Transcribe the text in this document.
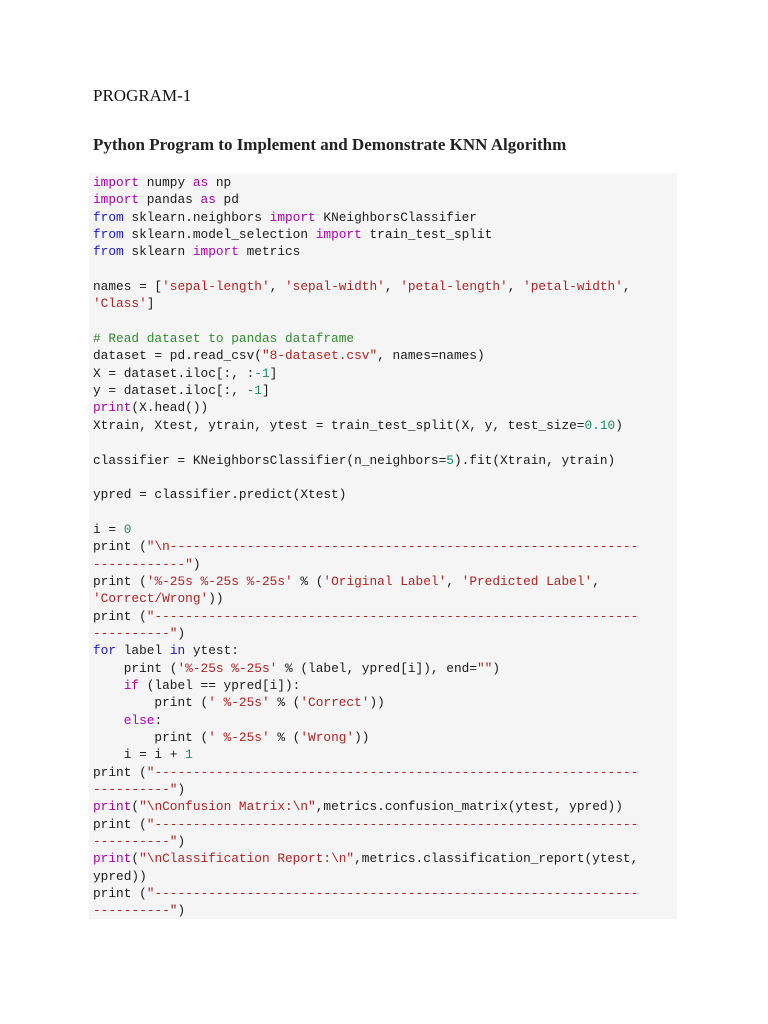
PROGRAM-1
Python Program to Implement and Demonstrate KNN Algorithm
import numpy as np
import pandas as pd
from sklearn.neighbors import KNeighborsClassifier
from sklearn.model_selection import train_test_split
from sklearn import metrics

names = ['sepal-length', 'sepal-width', 'petal-length', 'petal-width',
'Class']

# Read dataset to pandas dataframe
dataset = pd.read_csv("8-dataset.csv", names=names)
X = dataset.iloc[:, :-1]
y = dataset.iloc[:, -1]
print(X.head())
Xtrain, Xtest, ytrain, ytest = train_test_split(X, y, test_size=0.10)

classifier = KNeighborsClassifier(n_neighbors=5).fit(Xtrain, ytrain)

ypred = classifier.predict(Xtest)

i = 0
print ("\n-------------------------------------------------------------
------------")
print ('%-25s %-25s %-25s' % ('Original Label', 'Predicted Label',
'Correct/Wrong'))
print ("---------------------------------------------------------------
----------")
for label in ytest:
print ('%-25s %-25s' % (label, ypred[i]), end="")
if (label == ypred[i]):
print (' %-25s' % ('Correct'))
else:
print (' %-25s' % ('Wrong'))
i = i + 1
print ("---------------------------------------------------------------
----------")
print("\nConfusion Matrix:\n",metrics.confusion_matrix(ytest, ypred))
print ("---------------------------------------------------------------
----------")
print("\nClassification Report:\n",metrics.classification_report(ytest,
ypred))
print ("---------------------------------------------------------------
----------")
